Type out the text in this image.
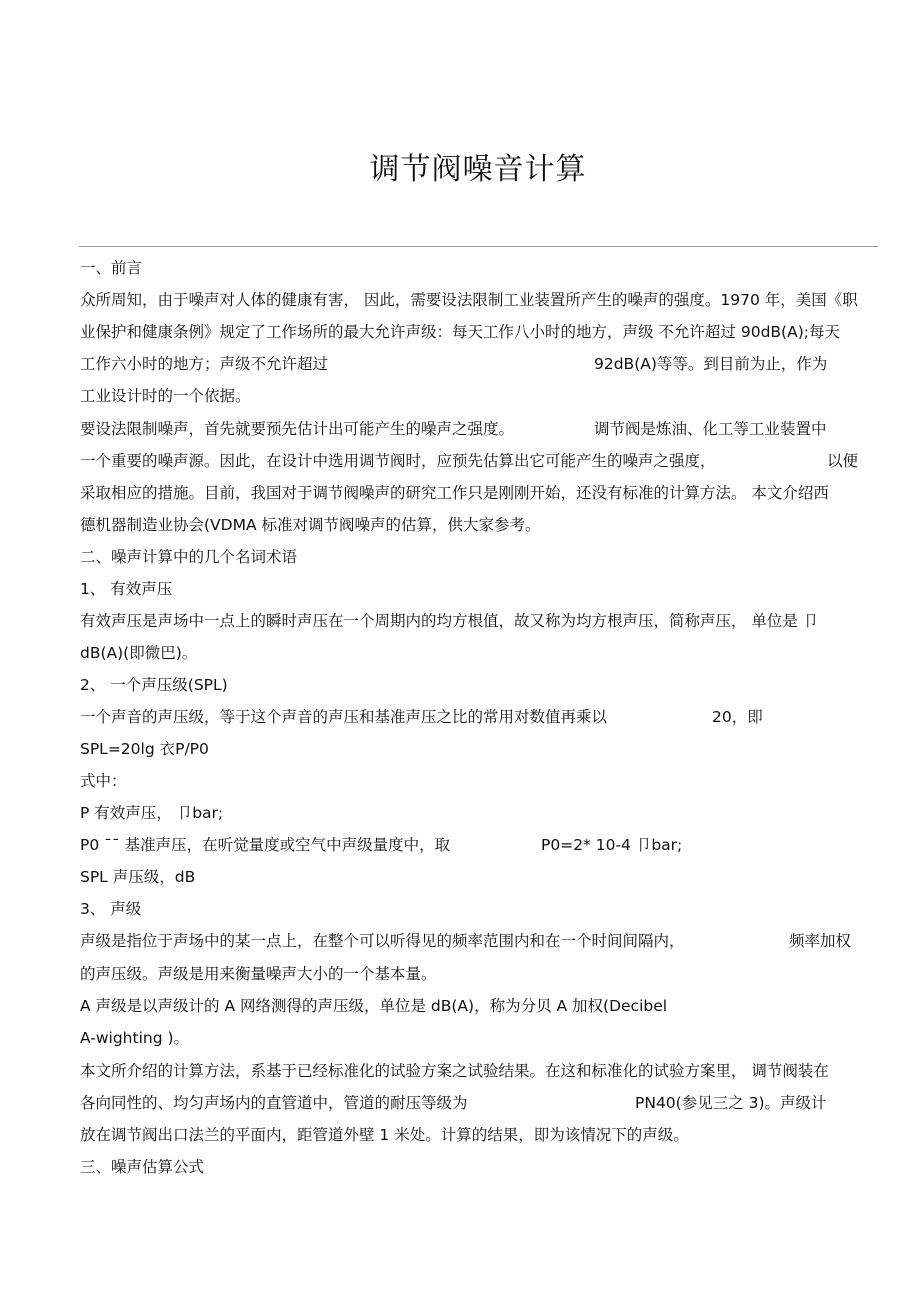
调节阀噪音计算
一、前言
众所周知，由于噪声对人体的健康有害， 因此，需要设法限制工业装置所产生的噪声的强度。1970 年，美国《职
业保护和健康条例》规定了工作场所的最大允许声级：每天工作八小时的地方，声级 不允许超过 90dB(A);每天
工作六小时的地方；声级不允许超过	92dB(A)等等。到目前为止，作为
工业设计时的一个依据。
要设法限制噪声，首先就要预先估计出可能产生的噪声之强度。	调节阀是炼油、化工等工业装置中
一个重要的噪声源。因此，在设计中选用调节阀时，应预先估算出它可能产生的噪声之强度，	以便
采取相应的措施。目前，我国对于调节阀噪声的研究工作只是刚刚开始，还没有标准的计算方法。 本文介绍西
德机器制造业协会(VDMA 标准对调节阀噪声的估算，供大家参考。
二、噪声计算中的几个名词术语
1、 有效声压
有效声压是声场中一点上的瞬时声压在一个周期内的均方根值，故又称为均方根声压，简称声压， 单位是 卩
dB(A)(即微巴)。
2、 一个声压级(SPL)
一个声音的声压级，等于这个声音的声压和基准声压之比的常用对数值再乘以	20，即
SPL=20lg 衣P/P0
式中：
P 有效声压， 卩bar;
P0 ¯¯ 基准声压，在听觉量度或空气中声级量度中，取	P0=2* 10-4 卩bar;
SPL 声压级，dB
3、 声级
声级是指位于声场中的某一点上，在整个可以听得见的频率范围内和在一个时间间隔内，	频率加权
的声压级。声级是用来衡量噪声大小的一个基本量。
A 声级是以声级计的 A 网络测得的声压级，单位是 dB(A)，称为分贝 A 加权(Decibel
A-wighting )。
本文所介绍的计算方法，系基于已经标准化的试验方案之试验结果。在这和标准化的试验方案里， 调节阀装在
各向同性的、均匀声场内的直管道中，管道的耐压等级为	PN40(参见三之 3)。声级计
放在调节阀出口法兰的平面内，距管道外壁 1 米处。计算的结果，即为该情况下的声级。
三、噪声估算公式
